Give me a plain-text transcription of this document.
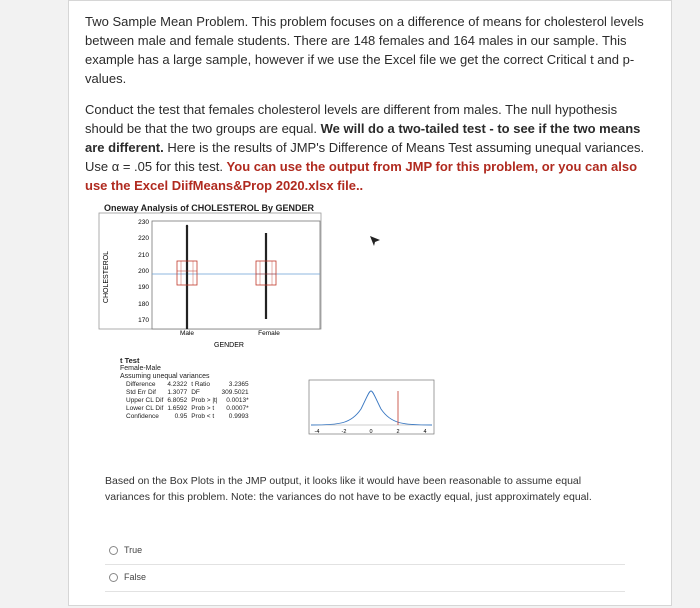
Two Sample Mean Problem. This problem focuses on a difference of means for cholesterol levels between male and female students. There are 148 females and 164 males in our sample. This example has a large sample, however if we use the Excel file we get the correct Critical t and p-values.

Conduct the test that females cholesterol levels are different from males. The null hypothesis should be that the two groups are equal. We will do a two-tailed test - to see if the two means are different. Here is the results of JMP's Difference of Means Test assuming unequal variances. Use α = .05 for this test. You can use the output from JMP for this problem, or you can also use the Excel DiifMeans&Prop 2020.xlsx file..

Oneway Analysis of CHOLESTEROL By GENDER
CHOLESTEROL
230
220
210
200
190
180
170
Male	Female
GENDER
-4	-2	0	2	4
t Test
Female-Male
Assuming unequal variances
Difference	4.2322	t Ratio	3.2365
Std Err Dif	1.3077	DF	309.5021
Upper CL Dif	6.8052	Prob > |t|	0.0013*
Lower CL Dif	1.6592	Prob > t	0.0007*
Confidence	0.95	Prob < t	0.9993

Based on the Box Plots in the JMP output, it looks like it would have been reasonable to assume equal variances for this problem. Note: the variances do not have to be exactly equal, just approximately equal.

True
False
